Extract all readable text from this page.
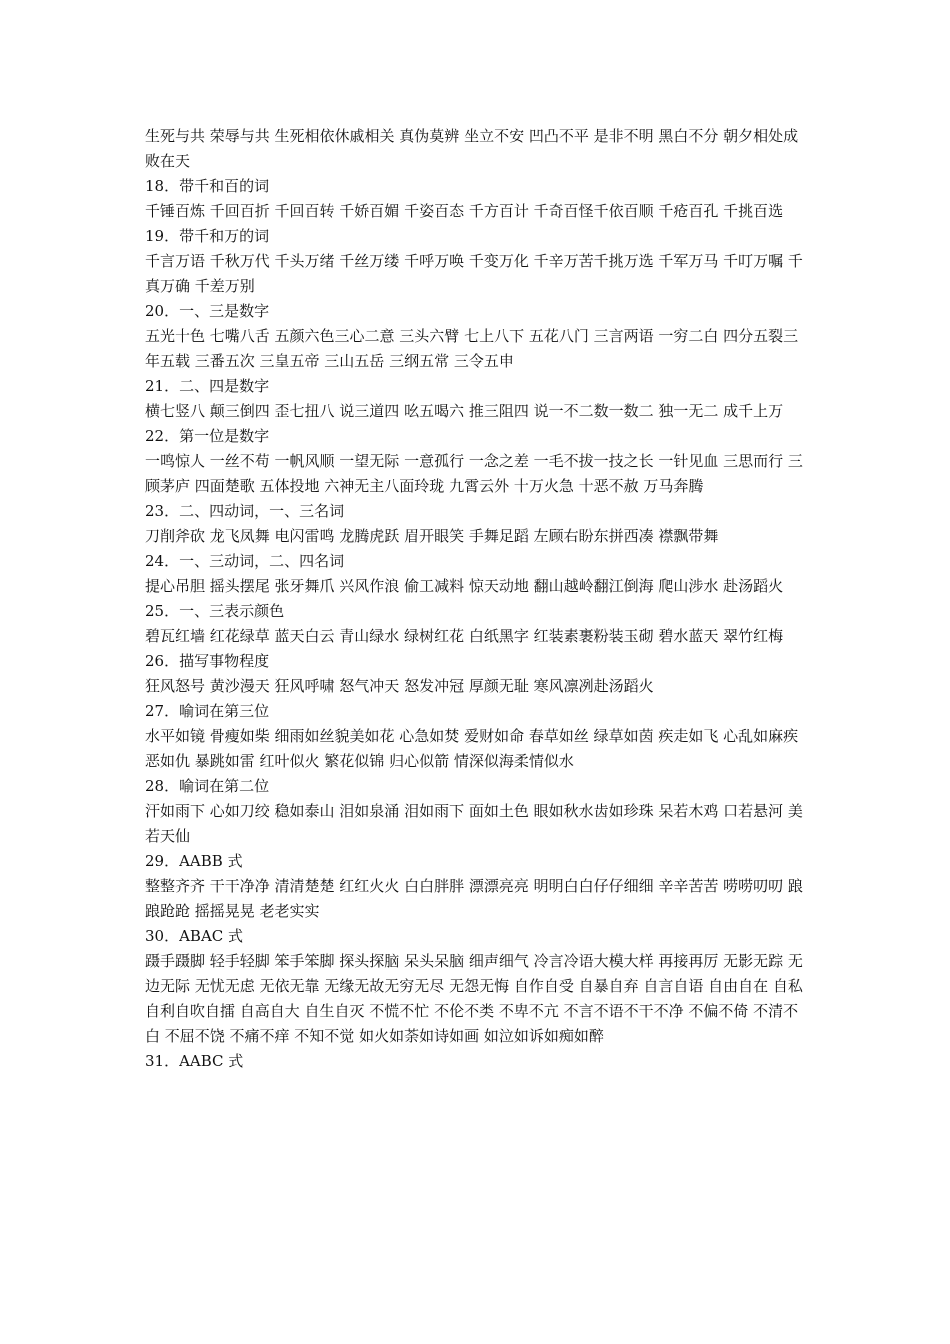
生死与共 荣辱与共 生死相依休戚相关 真伪莫辨 坐立不安 凹凸不平 是非不明 黑白不分 朝夕相处成败在天
18．带千和百的词
千锤百炼 千回百折 千回百转 千娇百媚 千姿百态 千方百计 千奇百怪千依百顺 千疮百孔 千挑百选
19．带千和万的词
千言万语 千秋万代 千头万绪 千丝万缕 千呼万唤 千变万化 千辛万苦千挑万选 千军万马 千叮万嘱 千真万确 千差万别
20．一、三是数字
五光十色 七嘴八舌 五颜六色三心二意 三头六臂 七上八下 五花八门 三言两语 一穷二白 四分五裂三年五载 三番五次 三皇五帝 三山五岳 三纲五常 三令五申
21．二、四是数字
横七竖八 颠三倒四 歪七扭八 说三道四 吆五喝六 推三阻四 说一不二数一数二 独一无二 成千上万
22．第一位是数字
一鸣惊人 一丝不苟 一帆风顺 一望无际 一意孤行 一念之差 一毛不拔一技之长 一针见血 三思而行 三顾茅庐 四面楚歌 五体投地 六神无主八面玲珑 九霄云外 十万火急 十恶不赦 万马奔腾
23．二、四动词，一、三名词
刀削斧砍 龙飞凤舞 电闪雷鸣 龙腾虎跃 眉开眼笑 手舞足蹈 左顾右盼东拼西凑 襟飘带舞
24．一、三动词，二、四名词
提心吊胆 摇头摆尾 张牙舞爪 兴风作浪 偷工减料 惊天动地 翻山越岭翻江倒海 爬山涉水 赴汤蹈火
25．一、三表示颜色
碧瓦红墙 红花绿草 蓝天白云 青山绿水 绿树红花 白纸黑字 红装素裹粉装玉砌 碧水蓝天 翠竹红梅
26．描写事物程度
狂风怒号 黄沙漫天 狂风呼啸 怒气冲天 怒发冲冠 厚颜无耻 寒风凛冽赴汤蹈火
27．喻词在第三位
水平如镜 骨瘦如柴 细雨如丝貌美如花 心急如焚 爱财如命 春草如丝 绿草如茵 疾走如飞 心乱如麻疾恶如仇 暴跳如雷 红叶似火 繁花似锦 归心似箭 情深似海柔情似水
28．喻词在第二位
汗如雨下 心如刀绞 稳如泰山 泪如泉涌 泪如雨下 面如土色 眼如秋水齿如珍珠 呆若木鸡 口若悬河 美若天仙
29．AABB 式
整整齐齐 干干净净 清清楚楚 红红火火 白白胖胖 漂漂亮亮 明明白白仔仔细细 辛辛苦苦 唠唠叨叨 踉踉跄跄 摇摇晃晃 老老实实
30．ABAC 式
蹑手蹑脚 轻手轻脚 笨手笨脚 探头探脑 呆头呆脑 细声细气 冷言冷语大模大样 再接再厉 无影无踪 无边无际 无忧无虑 无依无靠 无缘无故无穷无尽 无怨无悔 自作自受 自暴自弃 自言自语 自由自在 自私自利自吹自擂 自高自大 自生自灭 不慌不忙 不伦不类 不卑不亢 不言不语不干不净 不偏不倚 不清不白 不屈不饶 不痛不痒 不知不觉 如火如荼如诗如画 如泣如诉如痴如醉
31．AABC 式
